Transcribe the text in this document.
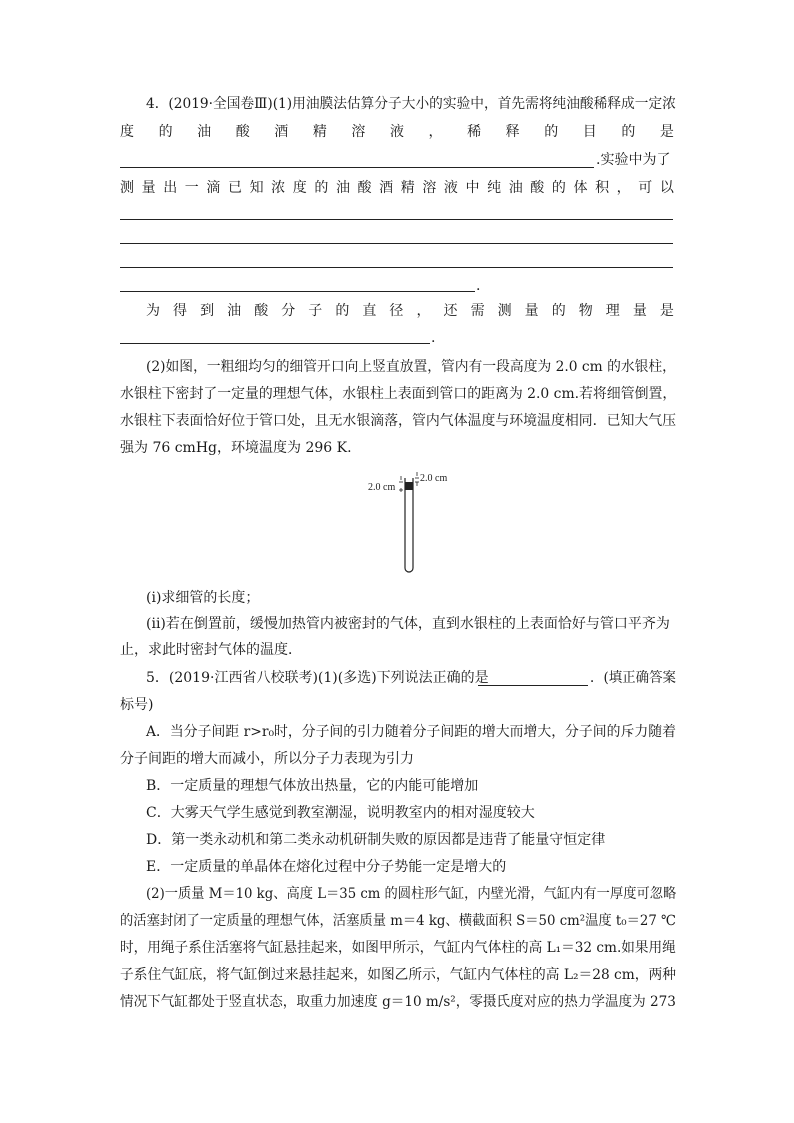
4．(2019·全国卷Ⅲ)(1)用油膜法估算分子大小的实验中，首先需将纯油酸稀释成一定浓
度 的 油 酸 酒 精 溶 液 ， 稀 释 的 目 的 是
.实验中为了
测 量 出 一 滴 已 知 浓 度 的 油 酸 酒 精 溶 液 中 纯 油 酸 的 体 积 ， 可 以
.
为 得 到 油 酸 分 子 的 直 径 ， 还 需 测 量 的 物 理 量 是
.
(2)如图，一粗细均匀的细管开口向上竖直放置，管内有一段高度为 2.0 cm 的水银柱，
水银柱下密封了一定量的理想气体，水银柱上表面到管口的距离为 2.0 cm.若将细管倒置，
水银柱下表面恰好位于管口处，且无水银滴落，管内气体温度与环境温度相同．已知大气压
强为 76 cmHg，环境温度为 296 K.
2.0 cm
2.0 cm
(ⅰ)求细管的长度；
(ⅱ)若在倒置前，缓慢加热管内被密封的气体，直到水银柱的上表面恰好与管口平齐为
止，求此时密封气体的温度．
5．(2019·江西省八校联考)(1)(多选)下列说法正确的是	．(填正确答案
标号)
A．当分子间距 r>r₀时，分子间的引力随着分子间距的增大而增大，分子间的斥力随着
分子间距的增大而减小，所以分子力表现为引力
B．一定质量的理想气体放出热量，它的内能可能增加
C．大雾天气学生感觉到教室潮湿，说明教室内的相对湿度较大
D．第一类永动机和第二类永动机研制失败的原因都是违背了能量守恒定律
E．一定质量的单晶体在熔化过程中分子势能一定是增大的
(2)一质量 M＝10 kg、高度 L＝35 cm 的圆柱形气缸，内壁光滑，气缸内有一厚度可忽略
的活塞封闭了一定质量的理想气体，活塞质量 m＝4 kg、横截面积 S＝50 cm²温度 t₀＝27 ℃
时，用绳子系住活塞将气缸悬挂起来，如图甲所示，气缸内气体柱的高 L₁＝32 cm.如果用绳
子系住气缸底，将气缸倒过来悬挂起来，如图乙所示，气缸内气体柱的高 L₂＝28 cm，两种
情况下气缸都处于竖直状态，取重力加速度 g＝10 m/s²，零摄氏度对应的热力学温度为 273
